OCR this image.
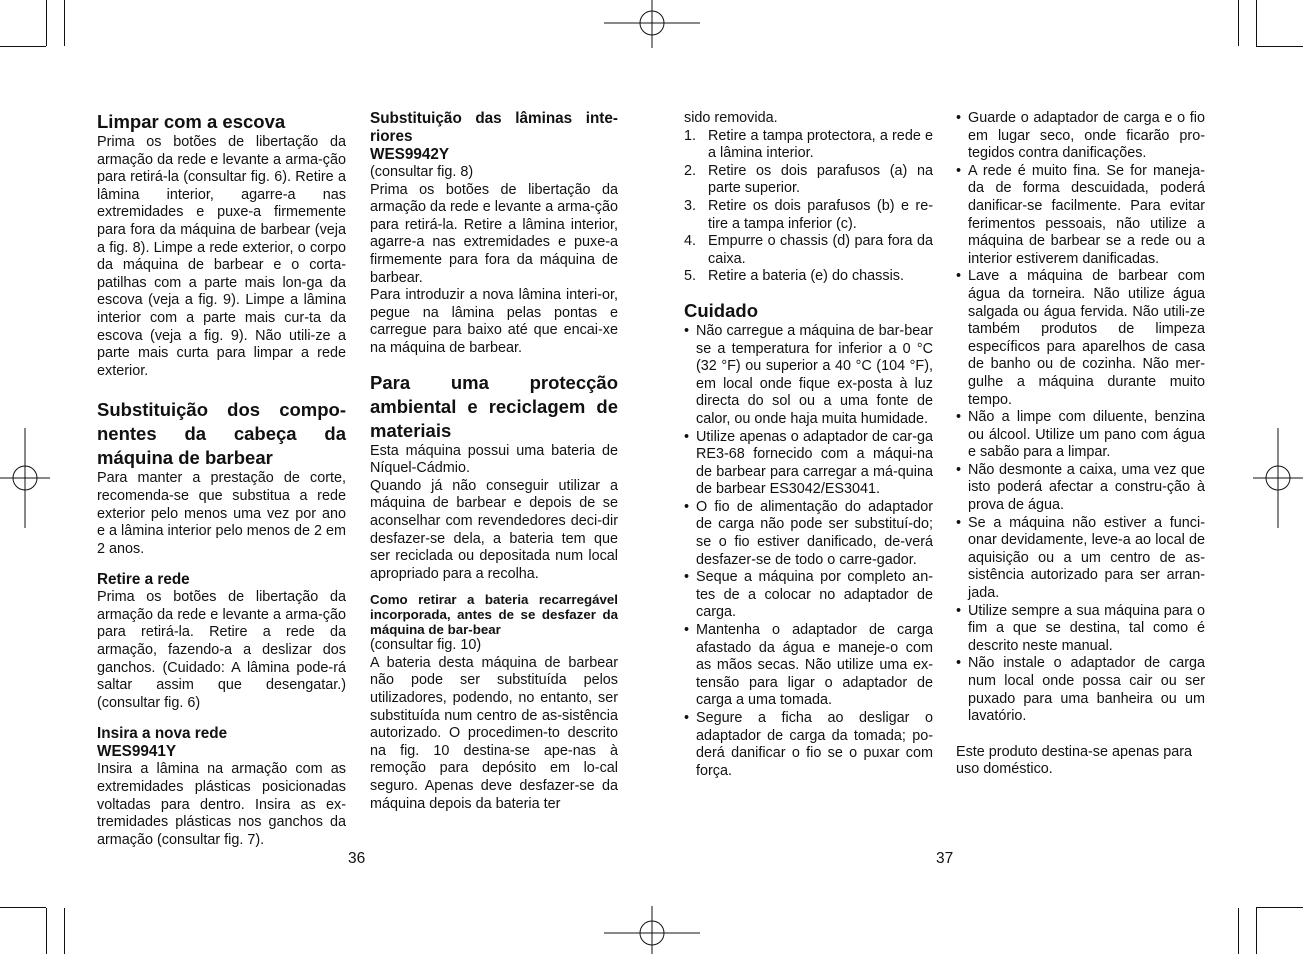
Limpar com a escova

Prima os botões de libertação da armação da rede e levante a arma-ção para retirá-la (consultar fig. 6). Retire a lâmina interior, agarre-a nas extremidades e puxe-a firmemente para fora da máquina de barbear (veja a fig. 8). Limpe a rede exterior, o corpo da máquina de barbear e o corta-patilhas com a parte mais lon-ga da escova (veja a fig. 9). Limpe a lâmina interior com a parte mais cur-ta da escova (veja a fig. 9). Não utili-ze a parte mais curta para limpar a rede exterior.

Substituição dos compo-nentes da cabeça da máquina de barbear

Para manter a prestação de corte, recomenda-se que substitua a rede exterior pelo menos uma vez por ano e a lâmina interior pelo menos de 2 em 2 anos.

Retire a rede

Prima os botões de libertação da armação da rede e levante a arma-ção para retirá-la. Retire a rede da armação, fazendo-a a deslizar dos ganchos. (Cuidado: A lâmina pode-rá saltar assim que desengatar.) (consultar fig. 6)

Insira a nova rede

WES9941Y

Insira a lâmina na armação com as extremidades plásticas posicionadas voltadas para dentro. Insira as ex-tremidades plásticas nos ganchos da armação (consultar fig. 7).

Substituição das lâminas inte-riores

WES9942Y

(consultar fig. 8)

Prima os botões de libertação da armação da rede e levante a arma-ção para retirá-la. Retire a lâmina interior, agarre-a nas extremidades e puxe-a firmemente para fora da máquina de barbear.

Para introduzir a nova lâmina interi-or, pegue na lâmina pelas pontas e carregue para baixo até que encai-xe na máquina de barbear.

Para uma protecção ambiental e reciclagem de materiais

Esta máquina possui uma bateria de Níquel-Cádmio.

Quando já não conseguir utilizar a máquina de barbear e depois de se aconselhar com revendedores deci-dir desfazer-se dela, a bateria tem que ser reciclada ou depositada num local apropriado para a recolha.

Como retirar a bateria recarregável incorporada, antes de se desfazer da máquina de bar-bear

(consultar fig. 10)

A bateria desta máquina de barbear não pode ser substituída pelos utilizadores, podendo, no entanto, ser substituída num centro de as-sistência autorizado. O procedimen-to descrito na fig. 10 destina-se ape-nas à remoção para depósito em lo-cal seguro. Apenas deve desfazer-se da máquina depois da bateria ter

36

sido removida.

1. Retire a tampa protectora, a rede e a lâmina interior.
2. Retire os dois parafusos (a) na parte superior.
3. Retire os dois parafusos (b) e re-tire a tampa inferior (c).
4. Empurre o chassis (d) para fora da caixa.
5. Retire a bateria (e) do chassis.

Cuidado

• Não carregue a máquina de bar-bear se a temperatura for inferior a 0 °C (32 °F) ou superior a 40 °C (104 °F), em local onde fique ex-posta à luz directa do sol ou a uma fonte de calor, ou onde haja muita humidade.
• Utilize apenas o adaptador de car-ga RE3-68 fornecido com a máqui-na de barbear para carregar a má-quina de barbear ES3042/ES3041.
• O fio de alimentação do adaptador de carga não pode ser substituí-do; se o fio estiver danificado, de-verá desfazer-se de todo o carre-gador.
• Seque a máquina por completo an-tes de a colocar no adaptador de carga.
• Mantenha o adaptador de carga afastado da água e maneje-o com as mãos secas. Não utilize uma ex-tensão para ligar o adaptador de carga a uma tomada.
• Segure a ficha ao desligar o adaptador de carga da tomada; po-derá danificar o fio se o puxar com força.
• Guarde o adaptador de carga e o fio em lugar seco, onde ficarão pro-tegidos contra danificações.
• A rede é muito fina. Se for maneja-da de forma descuidada, poderá danificar-se facilmente. Para evitar ferimentos pessoais, não utilize a máquina de barbear se a rede ou a interior estiverem danificadas.
• Lave a máquina de barbear com água da torneira. Não utilize água salgada ou água fervida. Não utili-ze também produtos de limpeza específicos para aparelhos de casa de banho ou de cozinha. Não mer-gulhe a máquina durante muito tempo.
• Não a limpe com diluente, benzina ou álcool. Utilize um pano com água e sabão para a limpar.
• Não desmonte a caixa, uma vez que isto poderá afectar a constru-ção à prova de água.
• Se a máquina não estiver a funci-onar devidamente, leve-a ao local de aquisição ou a um centro de as-sistência autorizado para ser arran-jada.
• Utilize sempre a sua máquina para o fim a que se destina, tal como é descrito neste manual.
• Não instale o adaptador de carga num local onde possa cair ou ser puxado para uma banheira ou um lavatório.

Este produto destina-se apenas para uso doméstico.

37
